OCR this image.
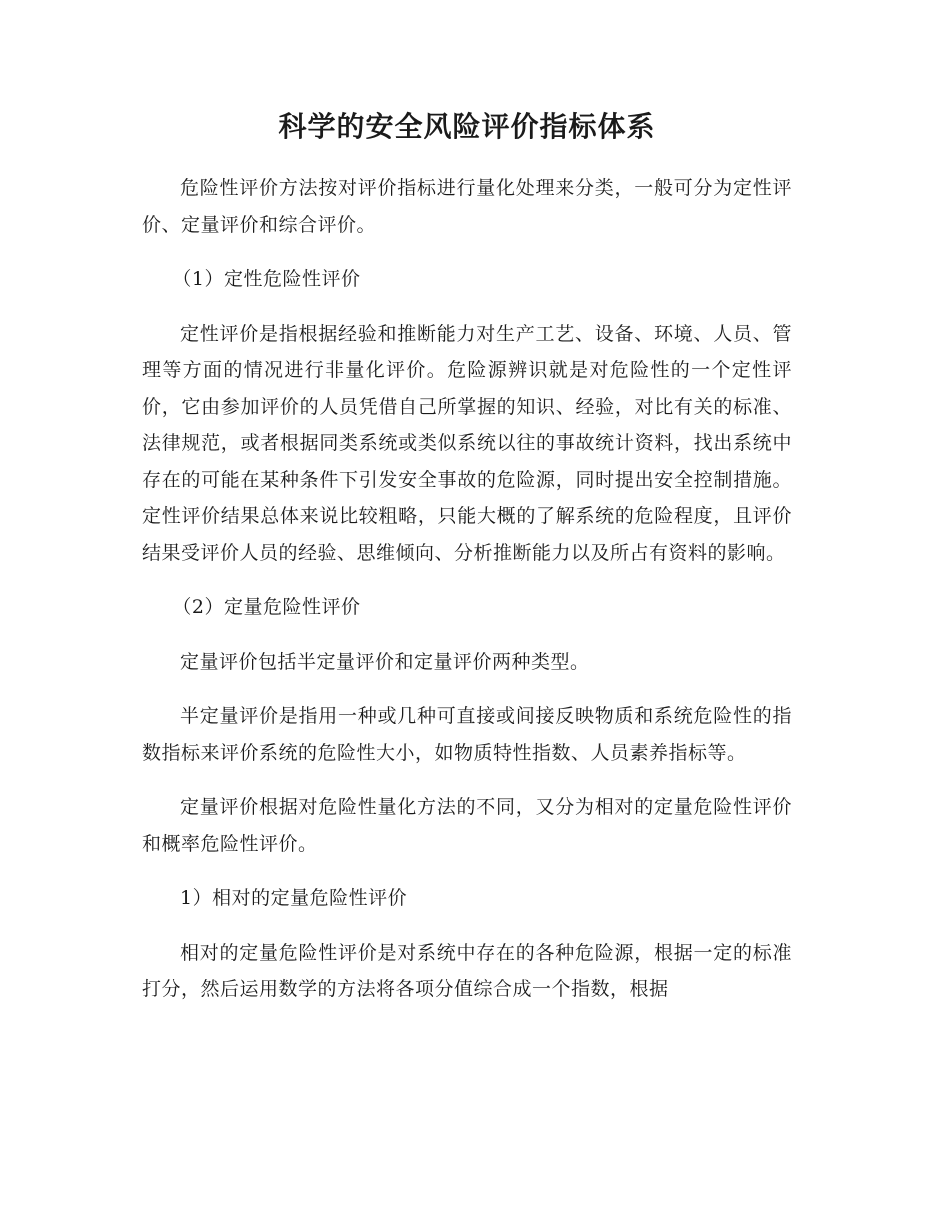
科学的安全风险评价指标体系

危险性评价方法按对评价指标进行量化处理来分类，一般可分为定性评价、定量评价和综合评价。

（1）定性危险性评价

定性评价是指根据经验和推断能力对生产工艺、设备、环境、人员、管理等方面的情况进行非量化评价。危险源辨识就是对危险性的一个定性评价，它由参加评价的人员凭借自己所掌握的知识、经验，对比有关的标准、法律规范，或者根据同类系统或类似系统以往的事故统计资料，找出系统中存在的可能在某种条件下引发安全事故的危险源，同时提出安全控制措施。定性评价结果总体来说比较粗略，只能大概的了解系统的危险程度，且评价结果受评价人员的经验、思维倾向、分析推断能力以及所占有资料的影响。

（2）定量危险性评价

定量评价包括半定量评价和定量评价两种类型。

半定量评价是指用一种或几种可直接或间接反映物质和系统危险性的指数指标来评价系统的危险性大小，如物质特性指数、人员素养指标等。

定量评价根据对危险性量化方法的不同，又分为相对的定量危险性评价和概率危险性评价。

1）相对的定量危险性评价

相对的定量危险性评价是对系统中存在的各种危险源，根据一定的标准打分，然后运用数学的方法将各项分值综合成一个指数，根据
